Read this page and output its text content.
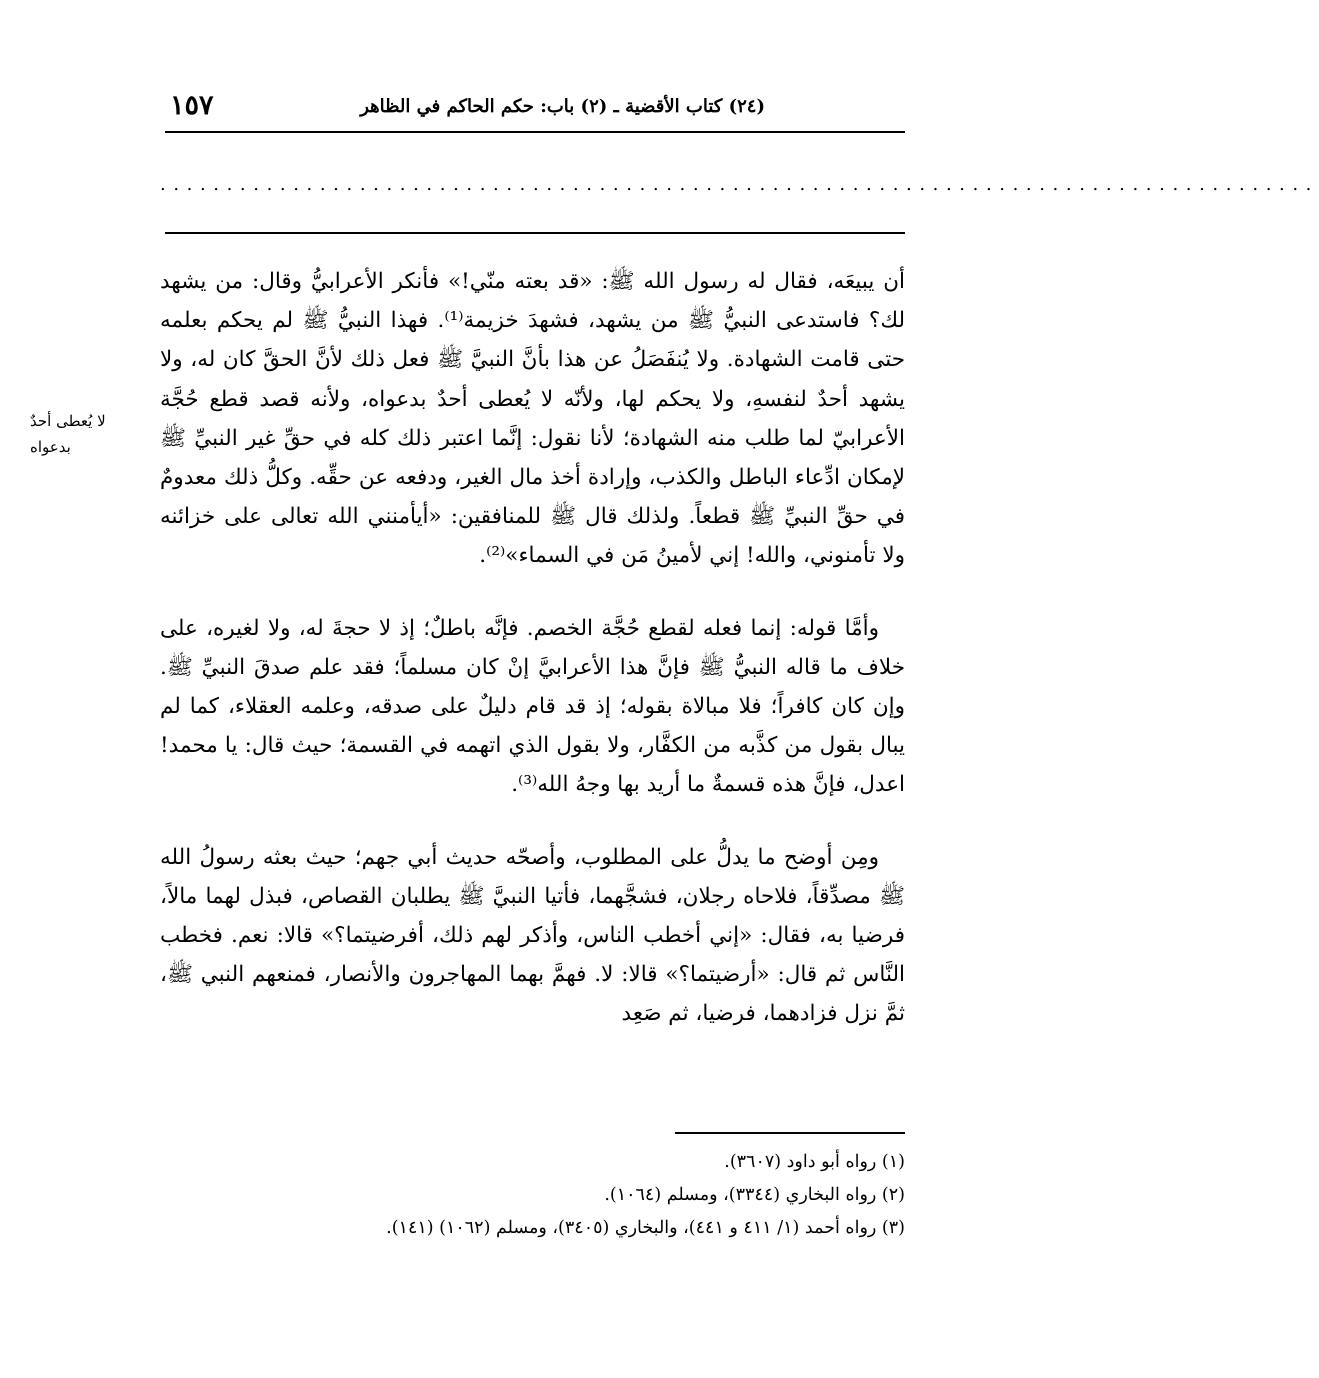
١٥٧	(٢٤) كتاب الأقضية ـ (٢) باب: حكم الحاكم في الظاهر
.......................................................................................
لا يُعطى أحدٌ
بدعواه

أن يبيعَه، فقال له رسول الله ﷺ: «قد بعته منّي!» فأنكر الأعرابيُّ وقال: من يشهد لك؟ فاستدعى النبيُّ ﷺ من يشهد، فشهدَ خزيمة⁽¹⁾. فهذا النبيُّ ﷺ لم يحكم بعلمه حتى قامت الشهادة. ولا يُنفَصَلُ عن هذا بأنَّ النبيَّ ﷺ فعل ذلك لأنَّ الحقَّ كان له، ولا يشهد أحدٌ لنفسهِ، ولا يحكم لها، ولأنّه لا يُعطى أحدٌ بدعواه، ولأنه قصد قطع حُجَّة الأعرابيّ لما طلب منه الشهادة؛ لأنا نقول: إنَّما اعتبر ذلك كله في حقِّ غير النبيِّ ﷺ لإمكان ادِّعاء الباطل والكذب، وإرادة أخذ مال الغير، ودفعه عن حقِّه. وكلُّ ذلك معدومٌ في حقِّ النبيِّ ﷺ قطعاً. ولذلك قال ﷺ للمنافقين: «أيأمنني الله تعالى على خزائنه ولا تأمنوني، والله! إني لأمينُ مَن في السماء»⁽²⁾.

وأمَّا قوله: إنما فعله لقطع حُجَّة الخصم. فإنَّه باطلٌ؛ إذ لا حجةَ له، ولا لغيره، على خلاف ما قاله النبيُّ ﷺ فإنَّ هذا الأعرابيَّ إنْ كان مسلماً؛ فقد علم صدقَ النبيِّ ﷺ. وإن كان كافراً؛ فلا مبالاة بقوله؛ إذ قد قام دليلٌ على صدقه، وعلمه العقلاء، كما لم يبال بقول من كذَّبه من الكفَّار، ولا بقول الذي اتهمه في القسمة؛ حيث قال: يا محمد! اعدل، فإنَّ هذه قسمةٌ ما أريد بها وجهُ الله⁽³⁾.

ومِن أوضح ما يدلُّ على المطلوب، وأصحّه حديث أبي جهم؛ حيث بعثه رسولُ الله ﷺ مصدِّقاً، فلاحاه رجلان، فشجَّهما، فأتيا النبيَّ ﷺ يطلبان القصاص، فبذل لهما مالاً، فرضيا به، فقال: «إني أخطب الناس، وأذكر لهم ذلك، أفرضيتما؟» قالا: نعم. فخطب النَّاس ثم قال: «أرضيتما؟» قالا: لا. فهمَّ بهما المهاجرون والأنصار، فمنعهم النبي ﷺ، ثمَّ نزل فزادهما، فرضيا، ثم صَعِد

(١) رواه أبو داود (٣٦٠٧).

(٢) رواه البخاري (٣٣٤٤)، ومسلم (١٠٦٤).

(٣) رواه أحمد (١/ ٤١١ و ٤٤١)، والبخاري (٣٤٠٥)، ومسلم (١٠٦٢) (١٤١).
